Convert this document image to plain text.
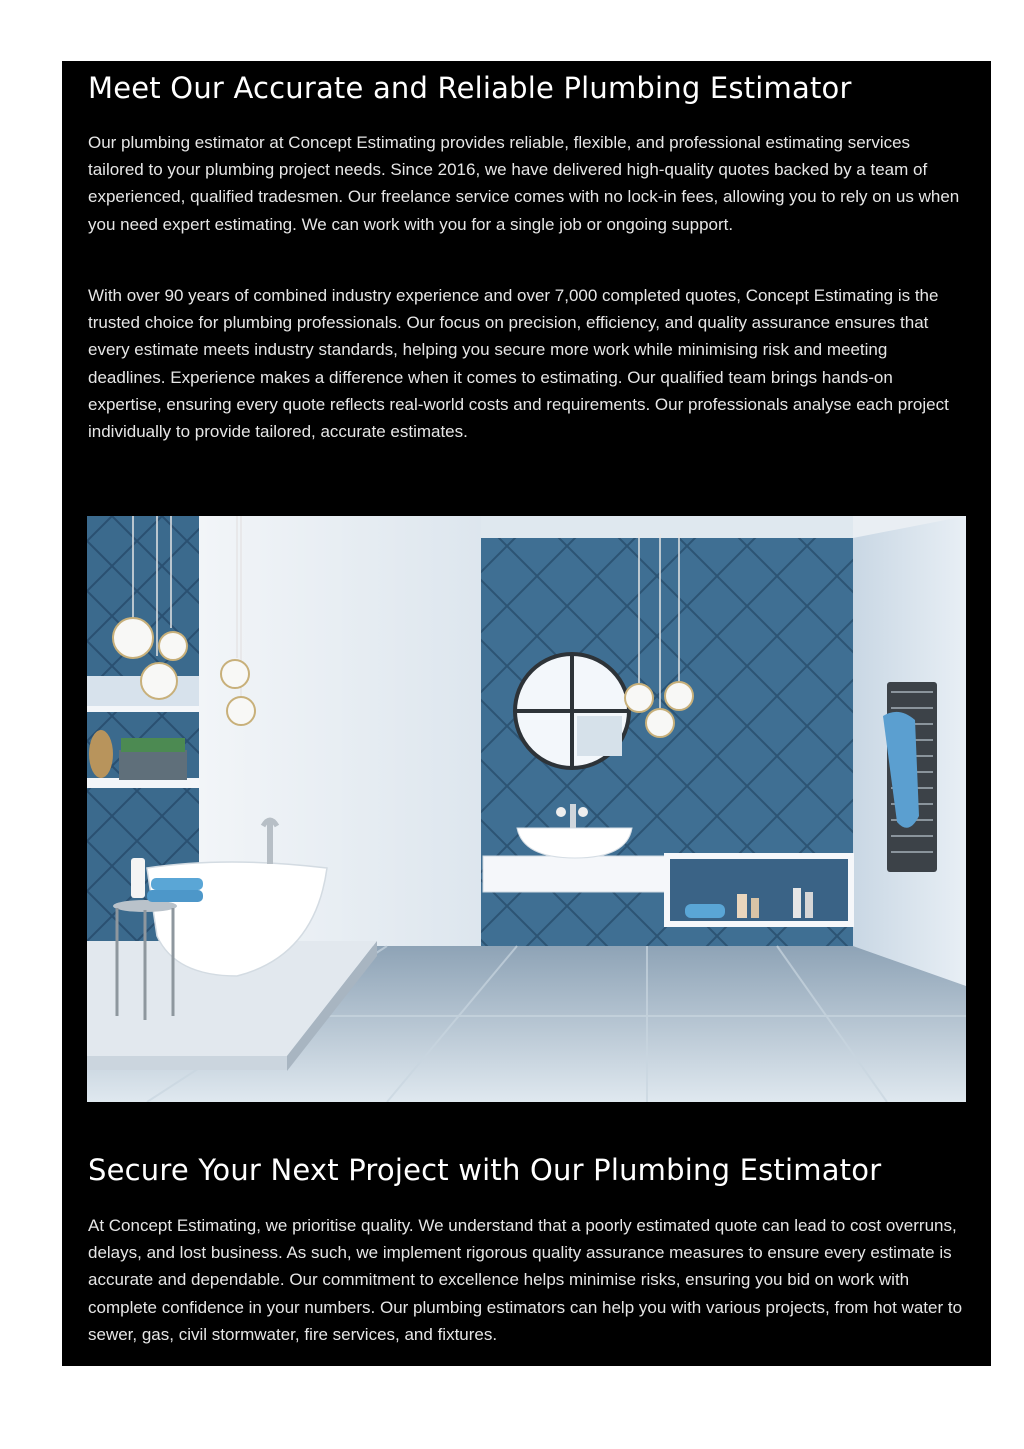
Meet Our Accurate and Reliable Plumbing Estimator

Our plumbing estimator at Concept Estimating provides reliable, flexible, and professional estimating services tailored to your plumbing project needs. Since 2016, we have delivered high-quality quotes backed by a team of experienced, qualified tradesmen. Our freelance service comes with no lock-in fees, allowing you to rely on us when you need expert estimating. We can work with you for a single job or ongoing support.

With over 90 years of combined industry experience and over 7,000 completed quotes, Concept Estimating is the trusted choice for plumbing professionals. Our focus on precision, efficiency, and quality assurance ensures that every estimate meets industry standards, helping you secure more work while minimising risk and meeting deadlines. Experience makes a difference when it comes to estimating. Our qualified team brings hands-on expertise, ensuring every quote reflects real-world costs and requirements. Our professionals analyse each project individually to provide tailored, accurate estimates.

Secure Your Next Project with Our Plumbing Estimator

At Concept Estimating, we prioritise quality. We understand that a poorly estimated quote can lead to cost overruns, delays, and lost business. As such, we implement rigorous quality assurance measures to ensure every estimate is accurate and dependable. Our commitment to excellence helps minimise risks, ensuring you bid on work with complete confidence in your numbers. Our plumbing estimators can help you with various projects, from hot water to sewer, gas, civil stormwater, fire services, and fixtures.
